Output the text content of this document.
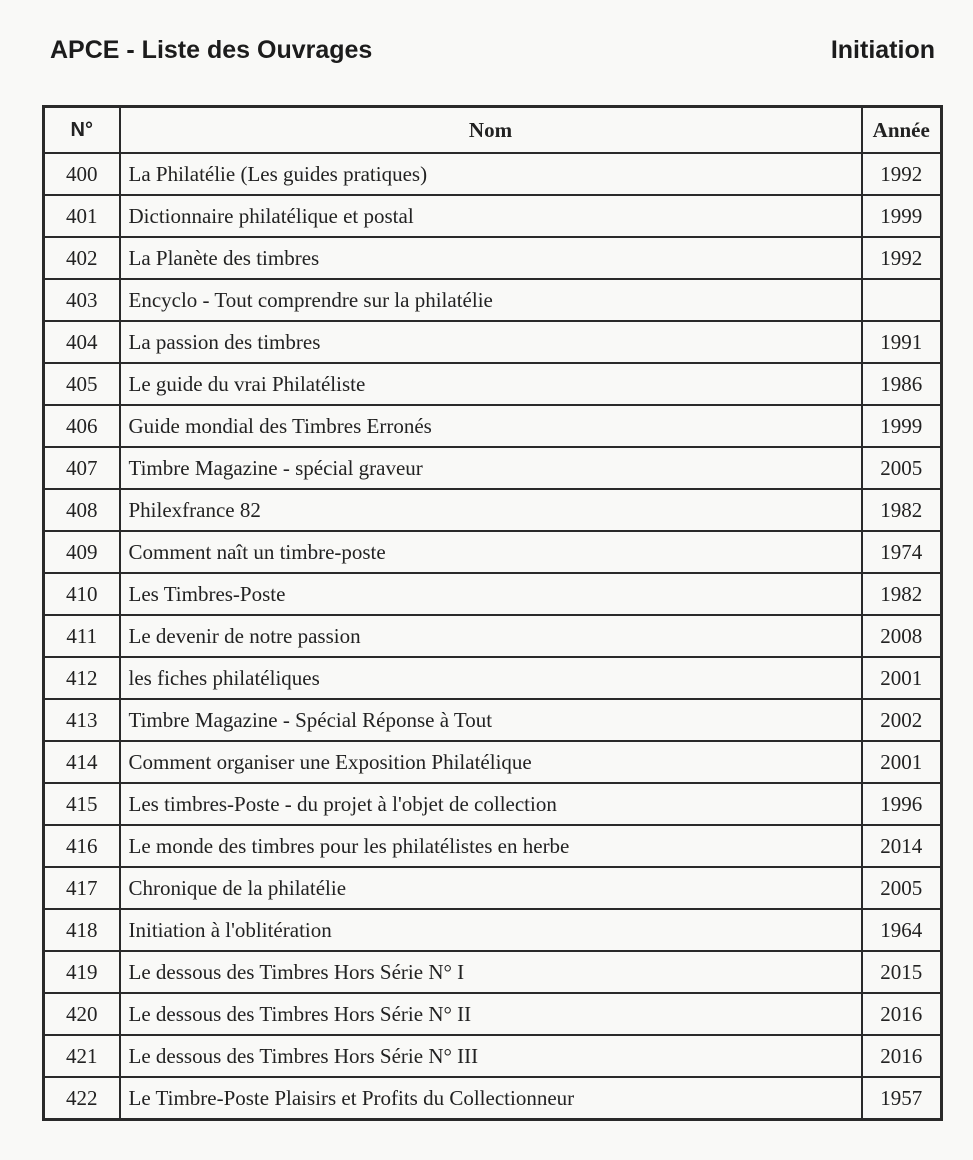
APCE - Liste des Ouvrages	Initiation
N°	Nom	Année
400	La Philatélie (Les guides pratiques)	1992
401	Dictionnaire philatélique et postal	1999
402	La Planète des timbres	1992
403	Encyclo - Tout comprendre sur la philatélie	
404	La passion des timbres	1991
405	Le guide du vrai Philatéliste	1986
406	Guide mondial des Timbres Erronés	1999
407	Timbre Magazine - spécial graveur	2005
408	Philexfrance 82	1982
409	Comment naît un timbre-poste	1974
410	Les Timbres-Poste	1982
411	Le devenir de notre passion	2008
412	les fiches philatéliques	2001
413	Timbre Magazine - Spécial Réponse à Tout	2002
414	Comment organiser une Exposition Philatélique	2001
415	Les timbres-Poste - du projet à l'objet de collection	1996
416	Le monde des timbres pour les philatélistes en herbe	2014
417	Chronique de la philatélie	2005
418	Initiation à l'oblitération	1964
419	Le dessous des Timbres Hors Série N° I	2015
420	Le dessous des Timbres Hors Série N° II	2016
421	Le dessous des Timbres Hors Série N° III	2016
422	Le Timbre-Poste Plaisirs et Profits du Collectionneur	1957
